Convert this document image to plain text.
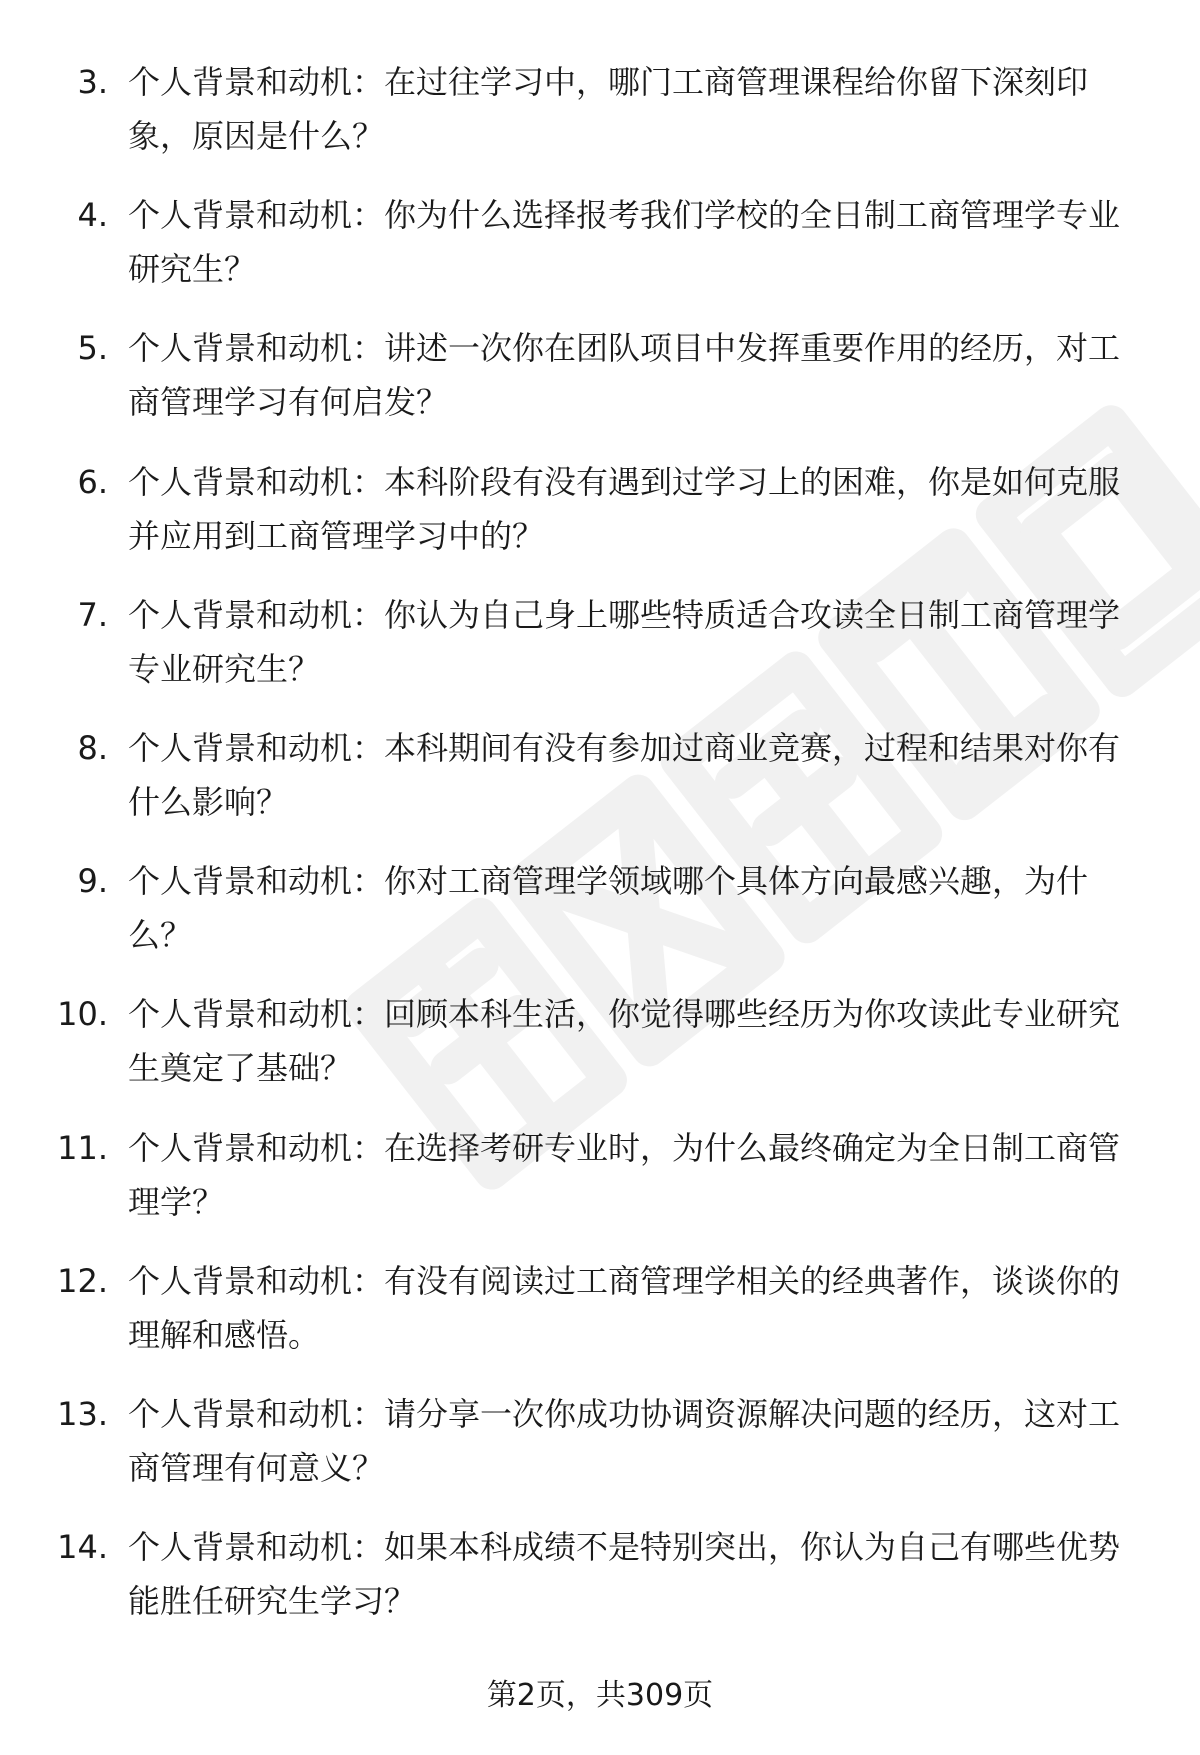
3. 个人背景和动机：在过往学习中，哪门工商管理课程给你留下深刻印象，原因是什么？
4. 个人背景和动机：你为什么选择报考我们学校的全日制工商管理学专业研究生？
5. 个人背景和动机：讲述一次你在团队项目中发挥重要作用的经历，对工商管理学习有何启发？
6. 个人背景和动机：本科阶段有没有遇到过学习上的困难，你是如何克服并应用到工商管理学习中的？
7. 个人背景和动机：你认为自己身上哪些特质适合攻读全日制工商管理学专业研究生？
8. 个人背景和动机：本科期间有没有参加过商业竞赛，过程和结果对你有什么影响？
9. 个人背景和动机：你对工商管理学领域哪个具体方向最感兴趣，为什么？
10. 个人背景和动机：回顾本科生活，你觉得哪些经历为你攻读此专业研究生奠定了基础？
11. 个人背景和动机：在选择考研专业时，为什么最终确定为全日制工商管理学？
12. 个人背景和动机：有没有阅读过工商管理学相关的经典著作，谈谈你的理解和感悟。
13. 个人背景和动机：请分享一次你成功协调资源解决问题的经历，这对工商管理有何意义？
14. 个人背景和动机：如果本科成绩不是特别突出，你认为自己有哪些优势能胜任研究生学习？
第2页，共309页
